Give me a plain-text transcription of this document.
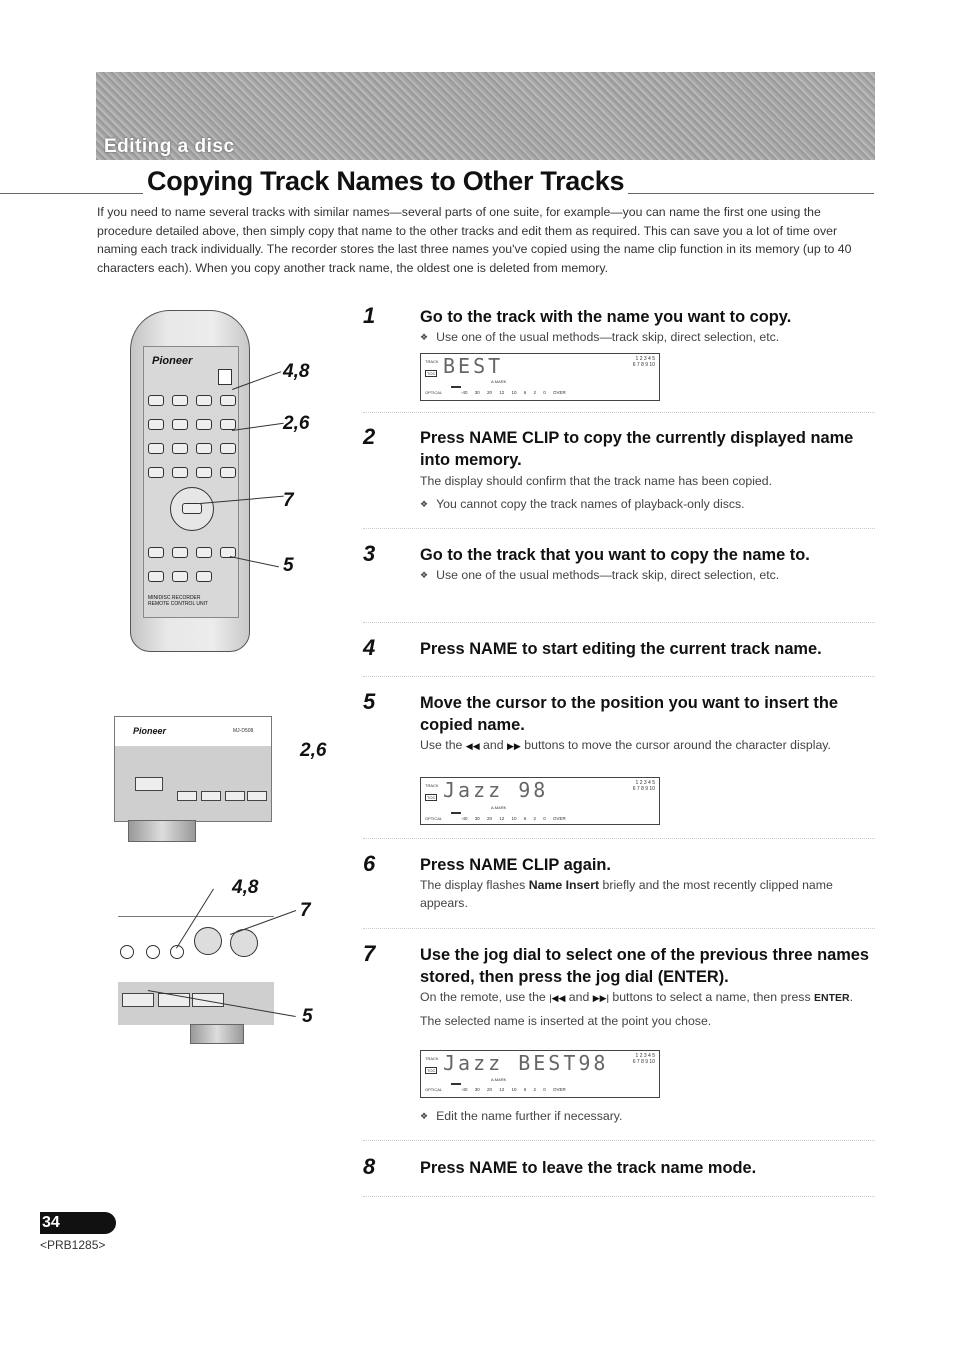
Editing a disc
Copying Track Names to Other Tracks

If you need to name several tracks with similar names—several parts of one suite, for example—you can name the first one using the procedure detailed above, then simply copy that name to the other tracks and edit them as required. This can save you a lot of time over naming each track individually. The recorder stores the last three names you've copied using the name clip function in its memory (up to 40 characters each). When you copy another track name, the oldest one is deleted from memory.

Pioneer
MINIDISC RECORDER
REMOTE CONTROL UNIT
4,8
2,6
7
5
Pioneer	MJ-D508
2,6
4,8
7
5
1	Go to the track with the name you want to copy.
❖ Use one of the usual methods—track skip, direct selection, etc.
TRACK
TOC
OPTICAL
BEST	1 2 3 4 5
6 7 8 9 10
A.MARK
-40 30 20 12 10 6 2 0 OVER
2	Press NAME CLIP to copy the currently displayed name into memory.
The display should confirm that the track name has been copied.
❖ You cannot copy the track names of playback-only discs.
3	Go to the track that you want to copy the name to.
❖ Use one of the usual methods—track skip, direct selection, etc.
4	Press NAME to start editing the current track name.
5	Move the cursor to the position you want to insert the copied name.
Use the ◀◀ and ▶▶ buttons to move the cursor around the character display.
TRACK
TOC
OPTICAL
Jazz 98	1 2 3 4 5
6 7 8 9 10
A.MARK
-40 30 20 12 10 6 2 0 OVER
6	Press NAME CLIP again.
The display flashes Name Insert briefly and the most recently clipped name appears.
7	Use the jog dial to select one of the previous three names stored, then press the jog dial (ENTER).
On the remote, use the |◀◀ and ▶▶| buttons to select a name, then press ENTER.
The selected name is inserted at the point you chose.
TRACK
TOC
OPTICAL
Jazz BEST98	1 2 3 4 5
6 7 8 9 10
A.MARK
-40 30 20 12 10 6 2 0 OVER
❖ Edit the name further if necessary.
8	Press NAME to leave the track name mode.
34
<PRB1285>
